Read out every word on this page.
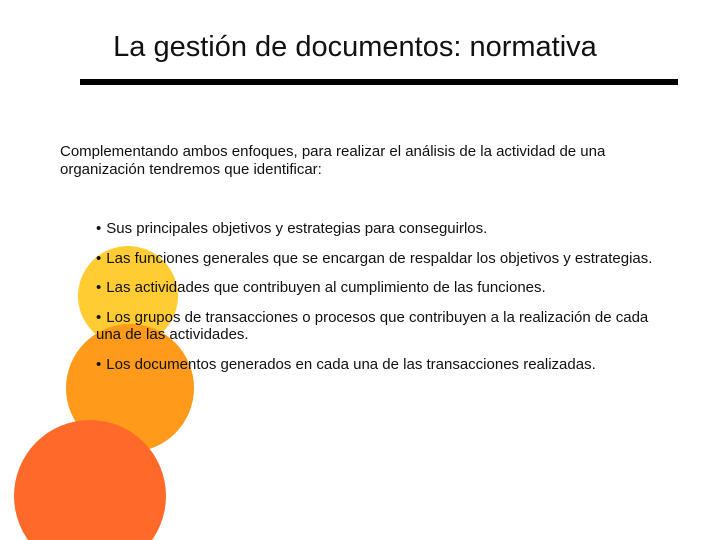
La gestión de documentos: normativa
Complementando ambos enfoques, para realizar el análisis de la actividad de una organización tendremos que identificar:
• Sus principales objetivos y estrategias para conseguirlos.
• Las funciones generales que se encargan de respaldar los objetivos y estrategias.
• Las actividades que contribuyen al cumplimiento de las funciones.
• Los grupos de transacciones o procesos que contribuyen a la realización de cada una de las actividades.
• Los documentos generados en cada una de las transacciones realizadas.
